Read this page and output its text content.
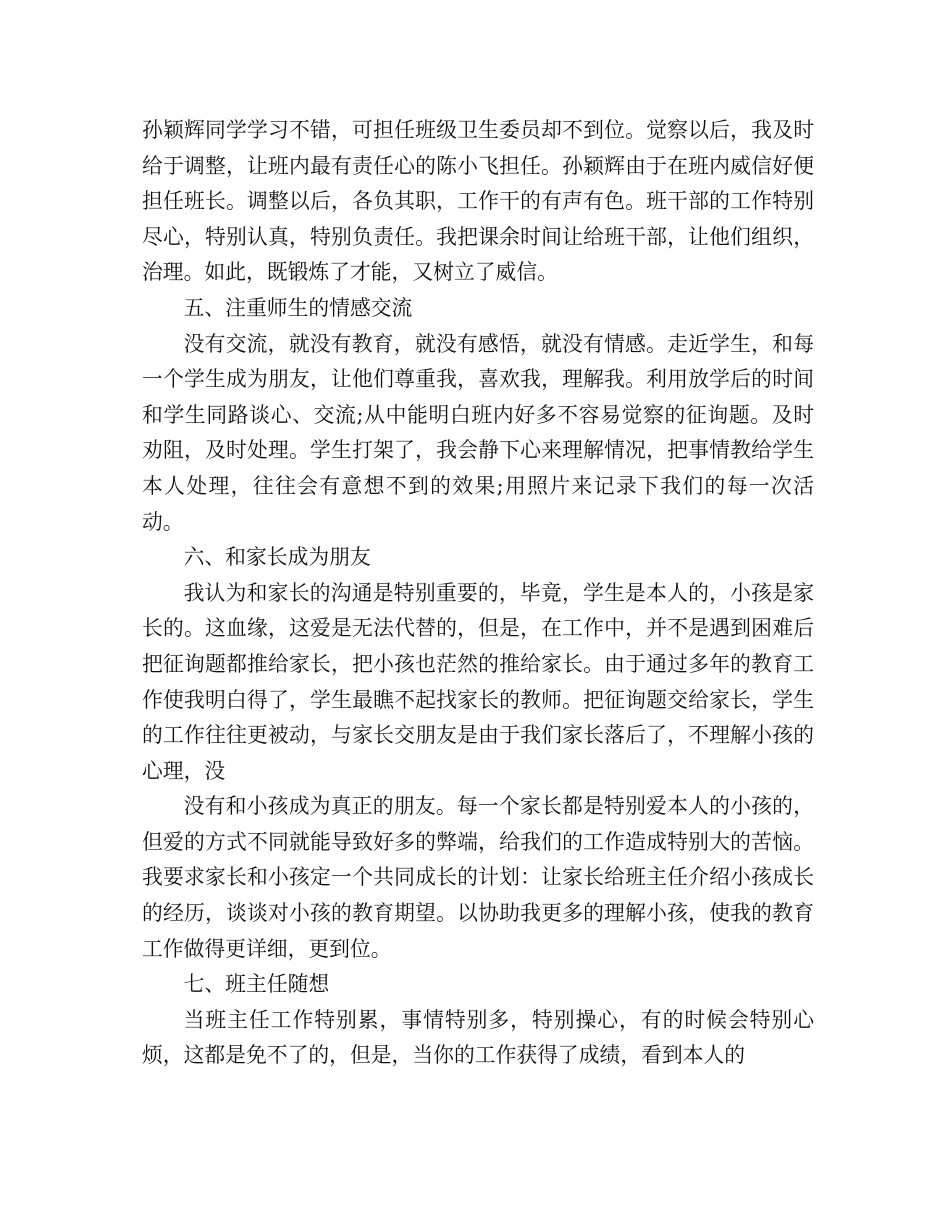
孙颖辉同学学习不错，可担任班级卫生委员却不到位。觉察以后，我及时给于调整，让班内最有责任心的陈小飞担任。孙颖辉由于在班内威信好便担任班长。调整以后，各负其职，工作干的有声有色。班干部的工作特别尽心，特别认真，特别负责任。我把课余时间让给班干部，让他们组织，治理。如此，既锻炼了才能，又树立了威信。

五、注重师生的情感交流

没有交流，就没有教育，就没有感悟，就没有情感。走近学生，和每一个学生成为朋友，让他们尊重我，喜欢我，理解我。利用放学后的时间和学生同路谈心、交流;从中能明白班内好多不容易觉察的征询题。及时劝阻，及时处理。学生打架了，我会静下心来理解情况，把事情教给学生本人处理，往往会有意想不到的效果;用照片来记录下我们的每一次活动。

六、和家长成为朋友

我认为和家长的沟通是特别重要的，毕竟，学生是本人的，小孩是家长的。这血缘，这爱是无法代替的，但是，在工作中，并不是遇到困难后把征询题都推给家长，把小孩也茫然的推给家长。由于通过多年的教育工作使我明白得了，学生最瞧不起找家长的教师。把征询题交给家长，学生的工作往往更被动，与家长交朋友是由于我们家长落后了，不理解小孩的心理，没

没有和小孩成为真正的朋友。每一个家长都是特别爱本人的小孩的，但爱的方式不同就能导致好多的弊端，给我们的工作造成特别大的苦恼。我要求家长和小孩定一个共同成长的计划：让家长给班主任介绍小孩成长的经历，谈谈对小孩的教育期望。以协助我更多的理解小孩，使我的教育工作做得更详细，更到位。

七、班主任随想

当班主任工作特别累，事情特别多，特别操心，有的时候会特别心烦，这都是免不了的，但是，当你的工作获得了成绩，看到本人的
